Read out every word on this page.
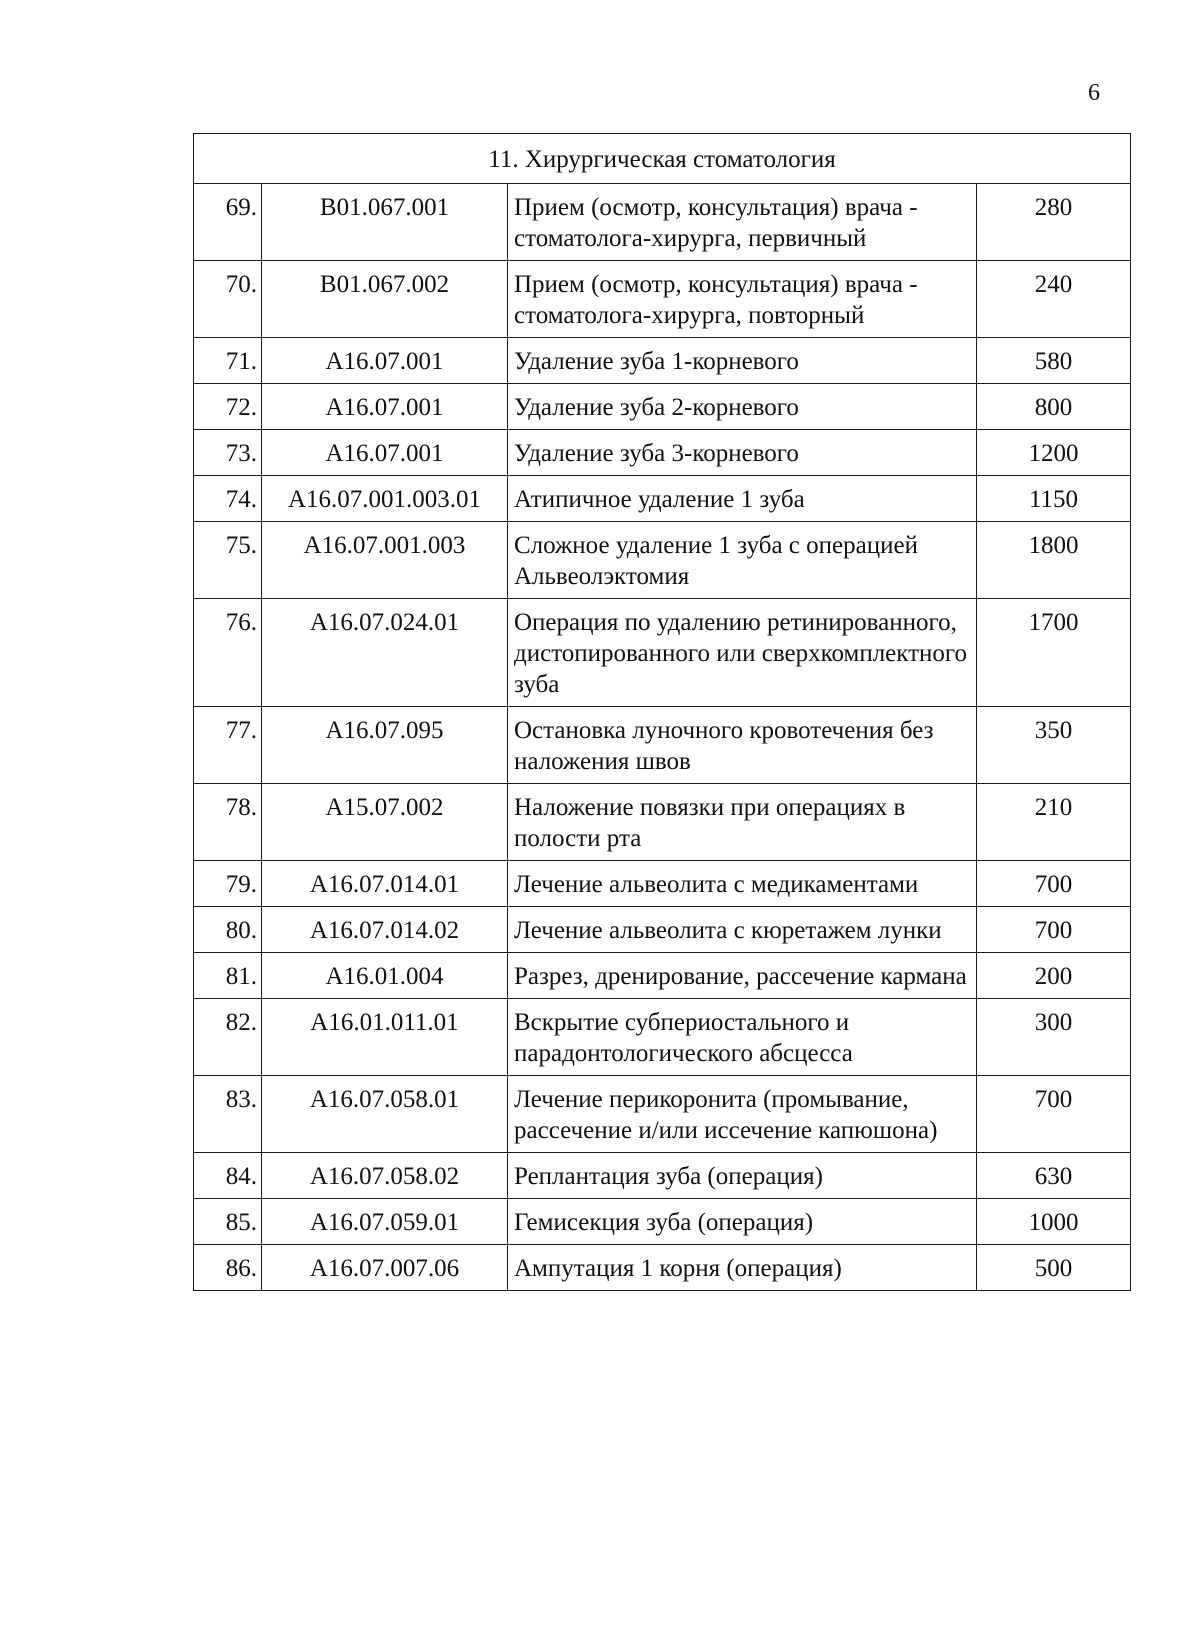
6
11. Хирургическая стоматология			
69.	В01.067.001	Прием (осмотр, консультация) врача - стоматолога-хирурга, первичный	280
70.	В01.067.002	Прием (осмотр, консультация) врача - стоматолога-хирурга, повторный	240
71.	А16.07.001	Удаление зуба 1-корневого	580
72.	А16.07.001	Удаление зуба 2-корневого	800
73.	А16.07.001	Удаление зуба 3-корневого	1200
74.	А16.07.001.003.01	Атипичное удаление 1 зуба	1150
75.	А16.07.001.003	Сложное удаление 1 зуба с операцией Альвеолэктомия	1800
76.	А16.07.024.01	Операция по удалению ретинированного, дистопированного или сверхкомплектного зуба	1700
77.	А16.07.095	Остановка луночного кровотечения без наложения швов	350
78.	А15.07.002	Наложение повязки при операциях в полости рта	210
79.	А16.07.014.01	Лечение альвеолита с медикаментами	700
80.	А16.07.014.02	Лечение альвеолита с кюретажем лунки	700
81.	А16.01.004	Разрез, дренирование, рассечение кармана	200
82.	А16.01.011.01	Вскрытие субпериостального и парадонтологического абсцесса	300
83.	А16.07.058.01	Лечение перикоронита (промывание, рассечение и/или иссечение капюшона)	700
84.	А16.07.058.02	Реплантация зуба (операция)	630
85.	А16.07.059.01	Гемисекция зуба (операция)	1000
86.	А16.07.007.06	Ампутация 1 корня (операция)	500
